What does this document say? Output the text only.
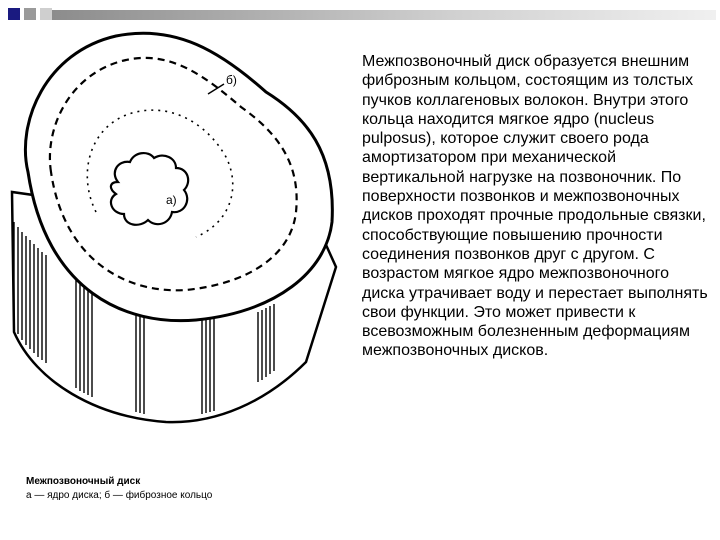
а)
б)
Межпозвоночный диск
а — ядро диска; б — фиброзное кольцо
Межпозвоночный диск образуется внешним фиброзным кольцом, состоящим из толстых пучков коллагеновых волокон. Внутри этого кольца находится мягкое ядро (nucleus pulposus), которое служит своего рода амортизатором при механической вертикальной нагрузке на позвоночник. По поверхности позвонков и межпозвоночных дисков проходят прочные продольные связки, способствующие повышению прочности соединения позвонков друг с другом. С возрастом мягкое ядро межпозвоночного диска утрачивает воду и перестает выполнять свои функции. Это может привести к всевозможным болезненным деформациям межпозвоночных дисков.
